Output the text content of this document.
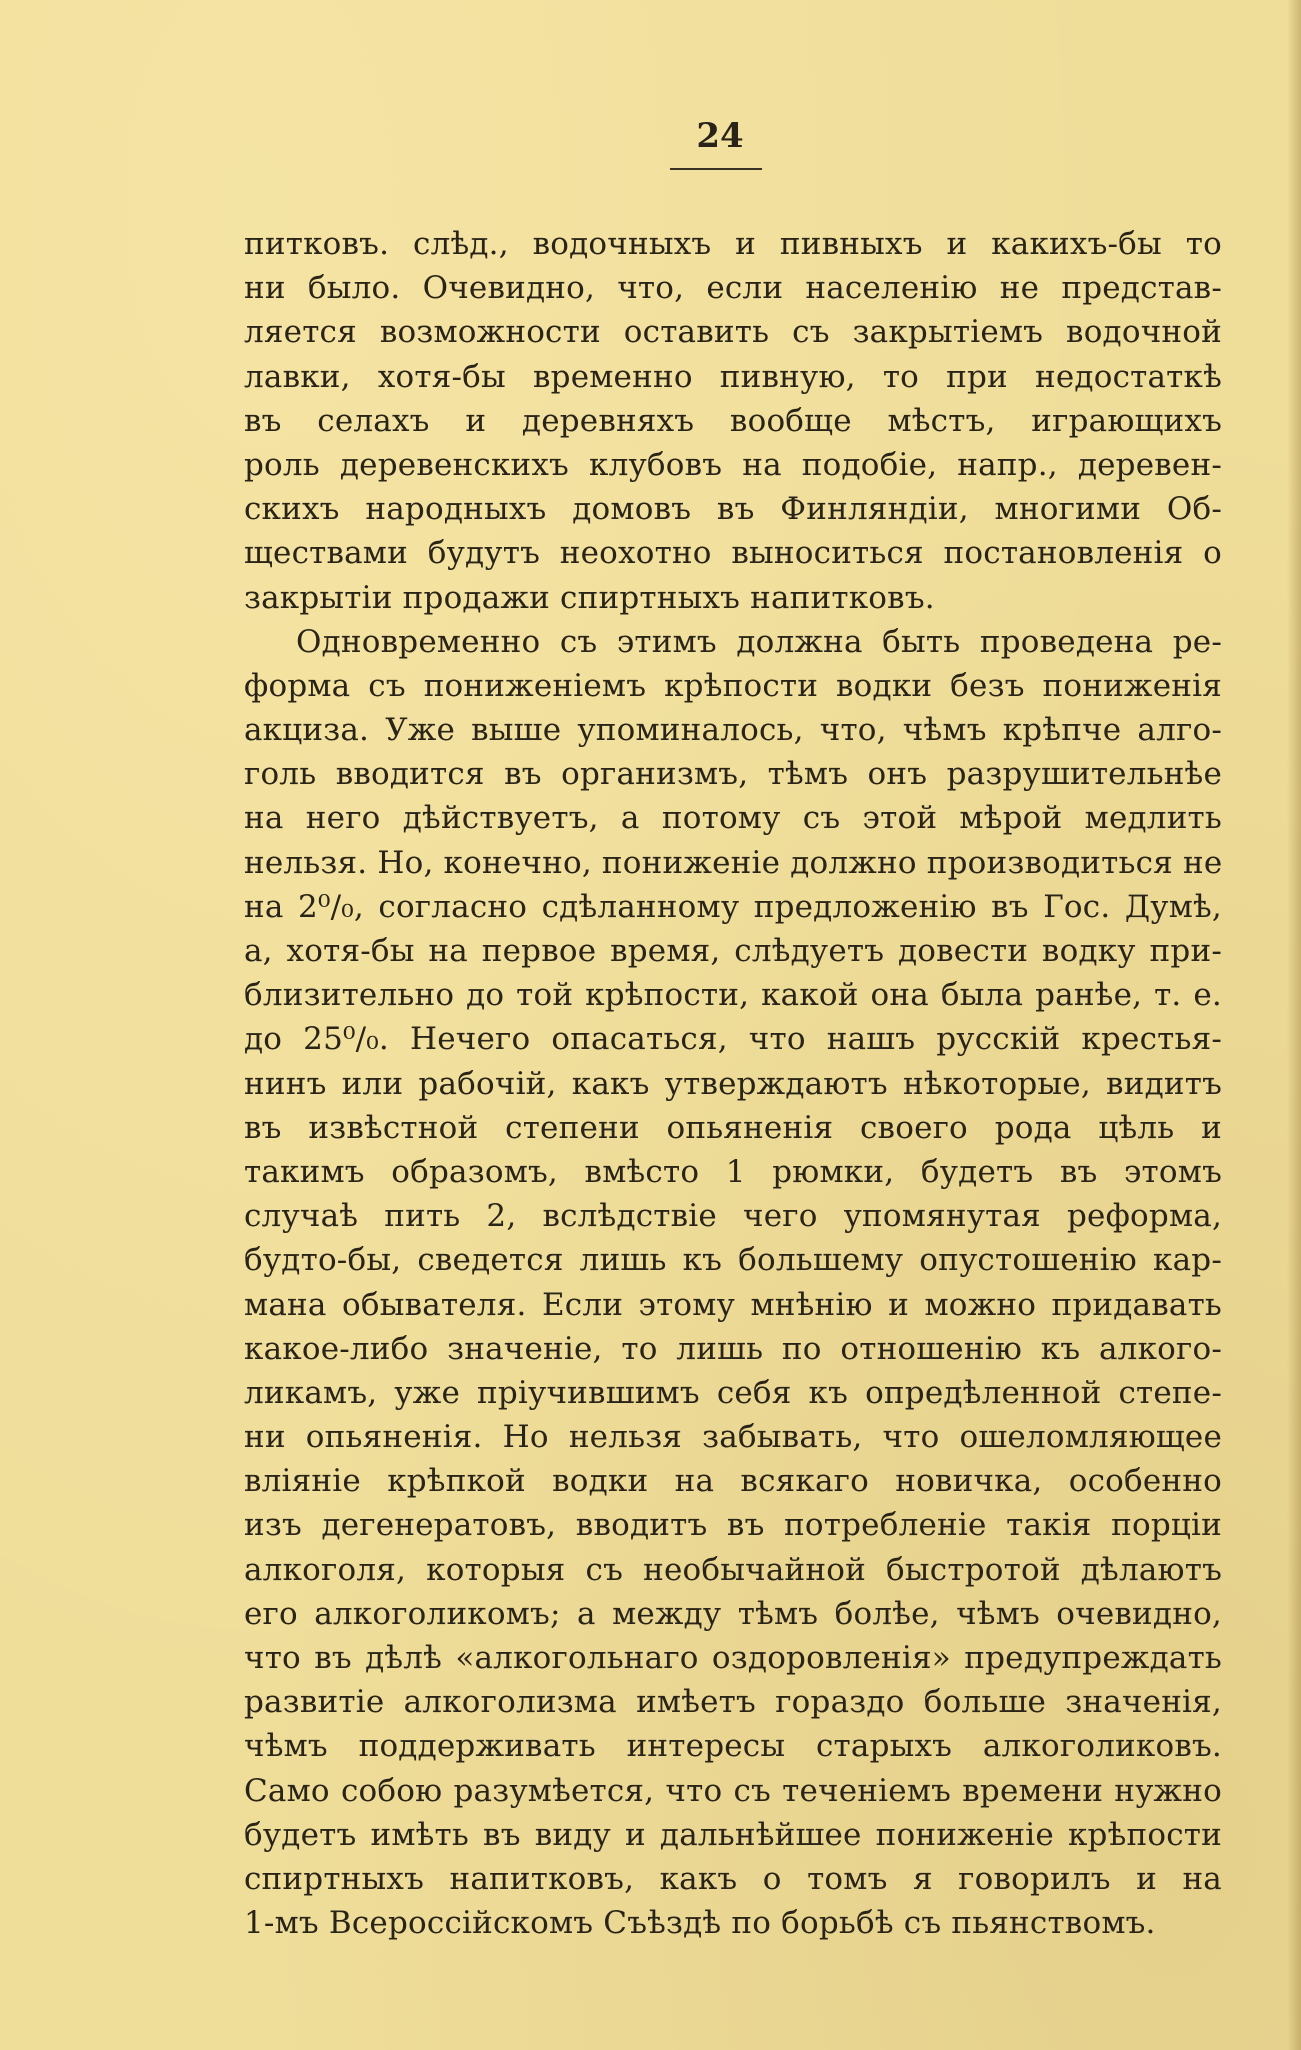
24
питковъ. слѣд., водочныхъ и пивныхъ и какихъ-бы то
ни было. Очевидно, что, если населенію не представ-
ляется возможности оставить съ закрытіемъ водочной
лавки, хотя-бы временно пивную, то при недостаткѣ
въ селахъ и деревняхъ вообще мѣстъ, играющихъ
роль деревенскихъ клубовъ на подобіе, напр., деревен-
скихъ народныхъ домовъ въ Финляндіи, многими Об-
ществами будутъ неохотно выноситься постановленія о
закрытіи продажи спиртныхъ напитковъ.
Одновременно съ этимъ должна быть проведена ре-
форма съ пониженіемъ крѣпости водки безъ пониженія
акциза. Уже выше упоминалось, что, чѣмъ крѣпче алго-
голь вводится въ организмъ, тѣмъ онъ разрушительнѣе
на него дѣйствуетъ, а потому съ этой мѣрой медлить
нельзя. Но, конечно, пониженіе должно производиться не
на 2⁰/₀, согласно сдѣланному предложенію въ Гос. Думѣ,
а, хотя-бы на первое время, слѣдуетъ довести водку при-
близительно до той крѣпости, какой она была ранѣе, т. е.
до 25⁰/₀. Нечего опасаться, что нашъ русскій крестья-
нинъ или рабочій, какъ утверждаютъ нѣкоторые, видитъ
въ извѣстной степени опьяненія своего рода цѣль и
такимъ образомъ, вмѣсто 1 рюмки, будетъ въ этомъ
случаѣ пить 2, вслѣдствіе чего упомянутая реформа,
будто-бы, сведется лишь къ большему опустошенію кар-
мана обывателя. Если этому мнѣнію и можно придавать
какое-либо значеніе, то лишь по отношенію къ алкого-
ликамъ, уже пріучившимъ себя къ опредѣленной степе-
ни опьяненія. Но нельзя забывать, что ошеломляющее
вліяніе крѣпкой водки на всякаго новичка, особенно
изъ дегенератовъ, вводитъ въ потребленіе такія порціи
алкоголя, которыя съ необычайной быстротой дѣлаютъ
его алкоголикомъ; а между тѣмъ болѣе, чѣмъ очевидно,
что въ дѣлѣ «алкогольнаго оздоровленія» предупреждать
развитіе алкоголизма имѣетъ гораздо больше значенія,
чѣмъ поддерживать интересы старыхъ алкоголиковъ.
Само собою разумѣется, что съ теченіемъ времени нужно
будетъ имѣть въ виду и дальнѣйшее пониженіе крѣпости
спиртныхъ напитковъ, какъ о томъ я говорилъ и на
1-мъ Всероссійскомъ Съѣздѣ по борьбѣ съ пьянствомъ.
